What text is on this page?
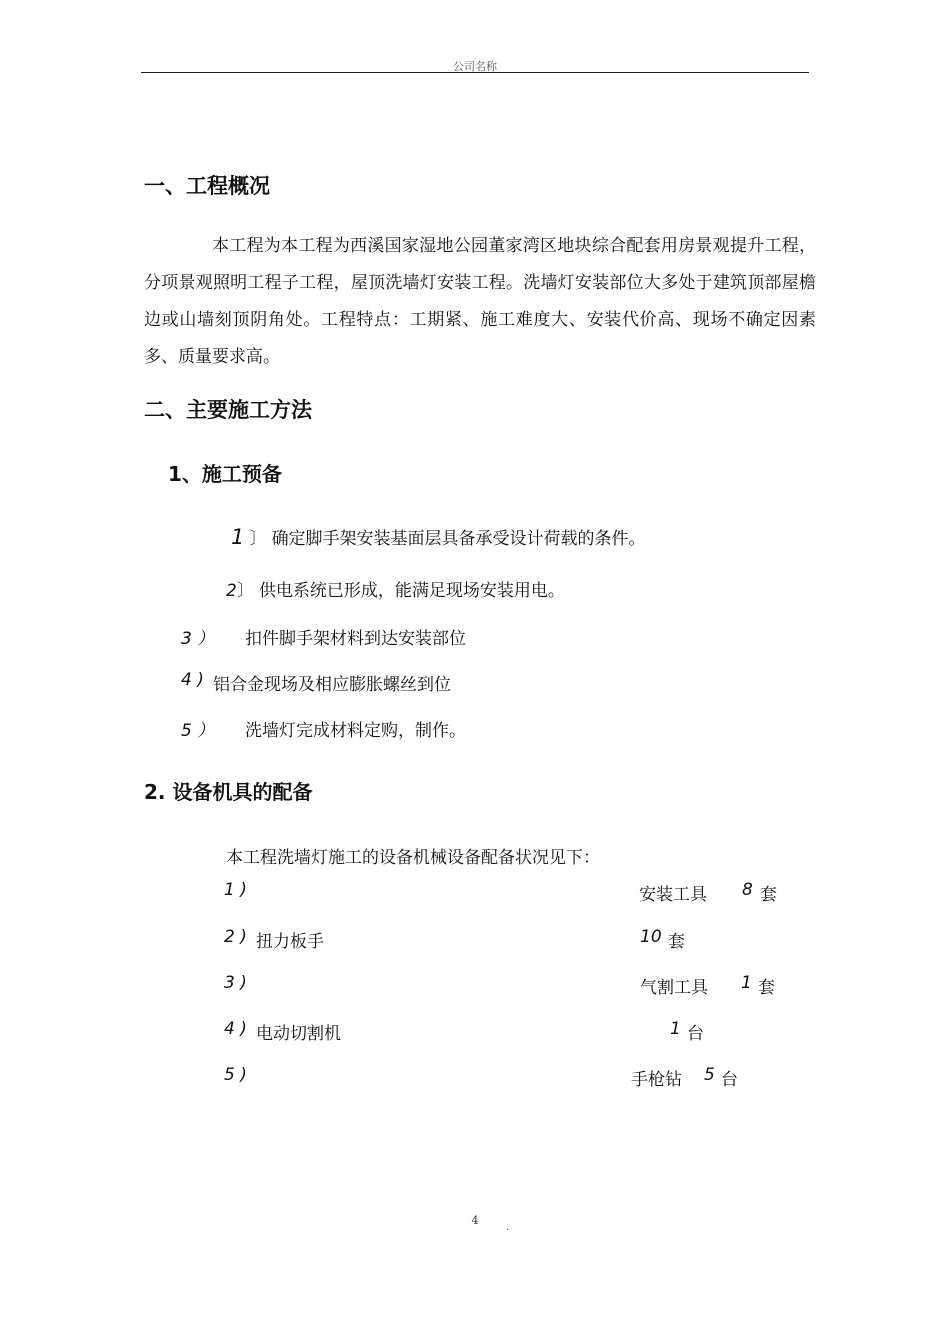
公司名称
一、工程概况
本工程为本工程为西溪国家湿地公园董家湾区地块综合配套用房景观提升工程，分项景观照明工程子工程，屋顶洗墙灯安装工程。洗墙灯安装部位大多处于建筑顶部屋檐边或山墙刻顶阴角处。工程特点：工期紧、施工难度大、安装代价高、现场不确定因素多、质量要求高。
二、主要施工方法
1、施工预备
1 〕 确定脚手架安装基面层具备承受设计荷载的条件。
2〕 供电系统已形成，能满足现场安装用电。
3 ） 扣件脚手架材料到达安装部位
4 ) 铝合金现场及相应膨胀螺丝到位
5 ） 洗墙灯完成材料定购，制作。
2. 设备机具的配备
本工程洗墙灯施工的设备机械设备配备状况见下：
1 )	安装工具 8 套
2 ) 扭力板手	10 套
3 )	气割工具 1 套
4 ) 电动切割机	1 台
5 )	手枪钻 5 台
4
.
